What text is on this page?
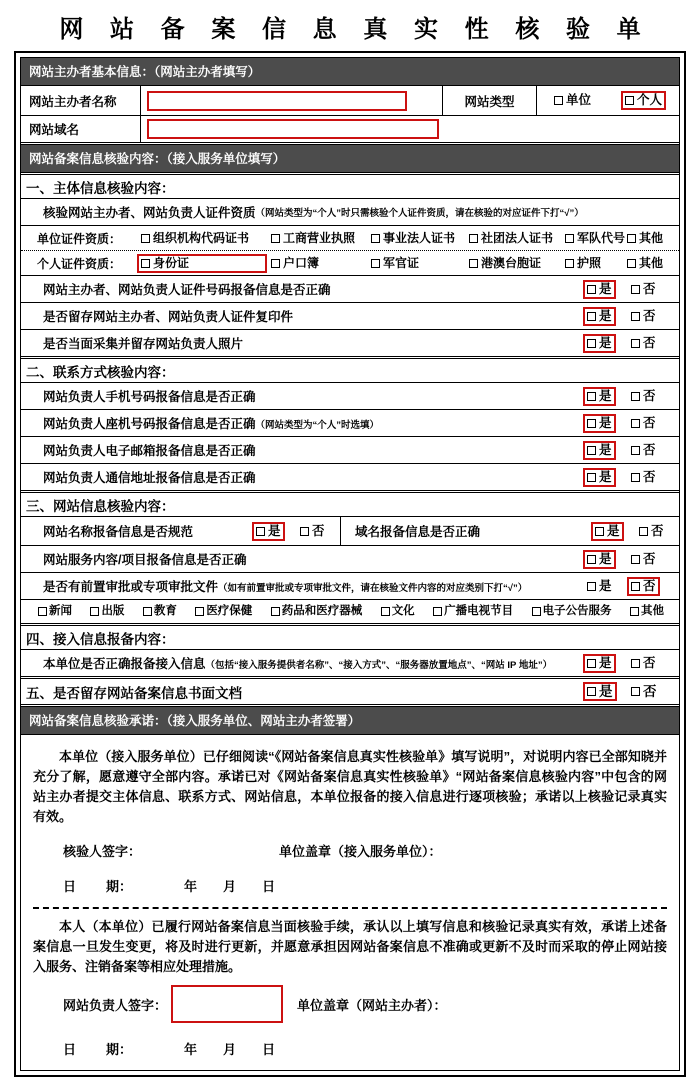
网 站 备 案 信 息 真 实 性 核 验 单
网站主办者基本信息：（网站主办者填写）
网站主办者名称	网站类型	单位	个人
网站域名
网站备案信息核验内容：（接入服务单位填写）
一、主体信息核验内容：
核验网站主办者、网站负责人证件资质 （网站类型为“个人”时只需核验个人证件资质，请在核验的对应证件下打“√”）
单位证件资质：	组织机构代码证书	工商营业执照 事业法人证书 社团法人证书 军队代号 其他
个人证件资质：	身份证	户口簿	军官证	港澳台胞证	护照	其他
网站主办者、网站负责人证件号码报备信息是否正确	是	否
是否留存网站主办者、网站负责人证件复印件	是	否
是否当面采集并留存网站负责人照片	是	否
二、联系方式核验内容：
网站负责人手机号码报备信息是否正确	是	否
网站负责人座机号码报备信息是否正确（网站类型为“个人”时选填）	是	否
网站负责人电子邮箱报备信息是否正确	是	否
网站负责人通信地址报备信息是否正确	是	否
三、网站信息核验内容：
网站名称报备信息是否规范	是	否 域名报备信息是否正确	是	否
网站服务内容/项目报备信息是否正确	是	否
是否有前置审批或专项审批文件（如有前置审批或专项审批文件，请在核验文件内容的对应类别下打“√”）	是	否
新闻	出版	教育	医疗保健	药品和医疗器械	文化	广播电视节目	电子公告服务	其他
四、接入信息报备内容：
本单位是否正确报备接入信息（包括“接入服务提供者名称”、“接入方式”、“服务器放置地点”、“网站 IP 地址”）	是	否
五、是否留存网站备案信息书面文档	是 否
网站备案信息核验承诺：（接入服务单位、网站主办者签署）

本单位（接入服务单位）已仔细阅读“《网站备案信息真实性核验单》填写说明”，对说明内容已全部知晓并充分了解，愿意遵守全部内容。承诺已对《网站备案信息真实性核验单》“网站备案信息核验内容”中包含的网站主办者提交主体信息、联系方式、网站信息，本单位报备的接入信息进行逐项核验；承诺以上核验记录真实有效。

核验人签字：	单位盖章（接入服务单位）：
日 期：	年 月 日

本人（本单位）已履行网站备案信息当面核验手续，承认以上填写信息和核验记录真实有效，承诺上述备案信息一旦发生变更，将及时进行更新，并愿意承担因网站备案信息不准确或更新不及时而采取的停止网站接入服务、注销备案等相应处理措施。

网站负责人签字：	单位盖章（网站主办者）：
日 期：	年 月 日
